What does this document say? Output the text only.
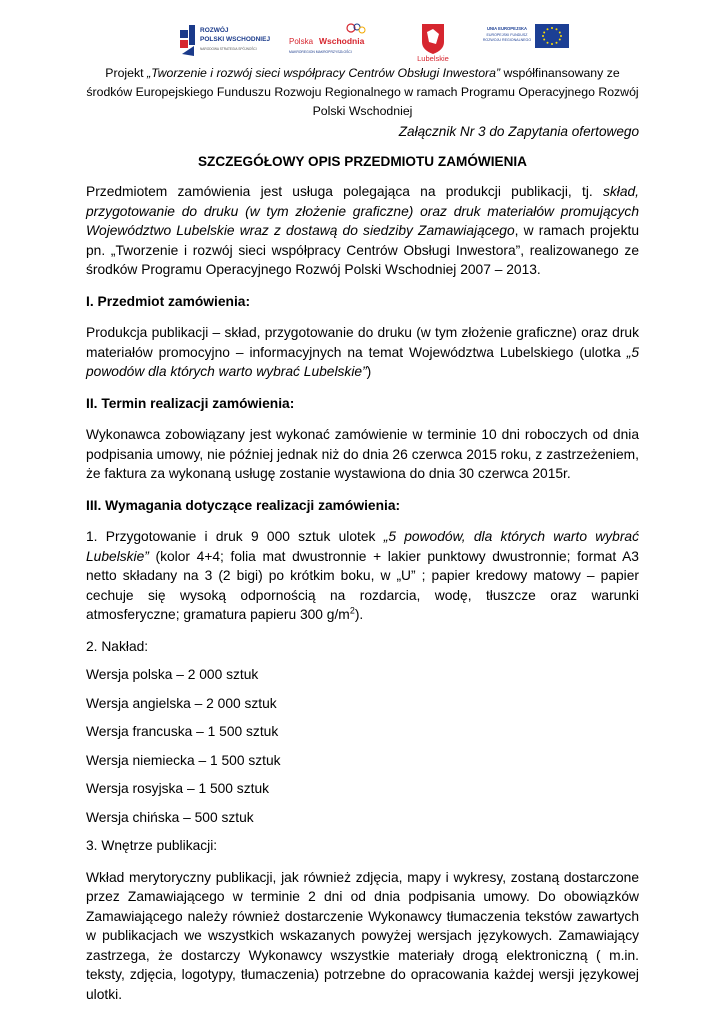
ROZWÓJ
POLSKI WSCHODNIEJ
NARODOWA STRATEGIA SPÓJNOŚCI
Polska Wschodnia
MAKROREGION MAKROPRZYSZŁOŚCI
Lubelskie
UNIA EUROPEJSKA
EUROPEJSKI FUNDUSZ
ROZWOJU REGIONALNEGO
Projekt „Tworzenie i rozwój sieci współpracy Centrów Obsługi Inwestora” współfinansowany ze środków Europejskiego Funduszu Rozwoju Regionalnego w ramach Programu Operacyjnego Rozwój Polski Wschodniej
Załącznik Nr 3 do Zapytania ofertowego
SZCZEGÓŁOWY OPIS PRZEDMIOTU ZAMÓWIENIA

Przedmiotem zamówienia jest usługa polegająca na produkcji publikacji, tj. skład, przygotowanie do druku (w tym złożenie graficzne) oraz druk materiałów promujących Województwo Lubelskie wraz z dostawą do siedziby Zamawiającego, w ramach projektu pn. „Tworzenie i rozwój sieci współpracy Centrów Obsługi Inwestora”, realizowanego ze środków Programu Operacyjnego Rozwój Polski Wschodniej 2007 – 2013.

I. Przedmiot zamówienia:

Produkcja publikacji – skład, przygotowanie do druku (w tym złożenie graficzne) oraz druk materiałów promocyjno – informacyjnych na temat Województwa Lubelskiego (ulotka „5 powodów dla których warto wybrać Lubelskie”)

II. Termin realizacji zamówienia:

Wykonawca zobowiązany jest wykonać zamówienie w terminie 10 dni roboczych od dnia podpisania umowy, nie później jednak niż do dnia 26 czerwca 2015 roku, z zastrzeżeniem, że faktura za wykonaną usługę zostanie wystawiona do dnia 30 czerwca 2015r.

III. Wymagania dotyczące realizacji zamówienia:

1. Przygotowanie i druk 9 000 sztuk ulotek „5 powodów, dla których warto wybrać Lubelskie” (kolor 4+4; folia mat dwustronnie + lakier punktowy dwustronnie; format A3 netto składany na 3 (2 bigi) po krótkim boku, w „U” ; papier kredowy matowy – papier cechuje się wysoką odpornością na rozdarcia, wodę, tłuszcze oraz warunki atmosferyczne; gramatura papieru 300 $g/m^2$).

2. Nakład:

Wersja polska – 2 000 sztuk

Wersja angielska – 2 000 sztuk

Wersja francuska – 1 500 sztuk

Wersja niemiecka – 1 500 sztuk

Wersja rosyjska – 1 500 sztuk

Wersja chińska – 500 sztuk

3. Wnętrze publikacji:

Wkład merytoryczny publikacji, jak również zdjęcia, mapy i wykresy, zostaną dostarczone przez Zamawiającego w terminie 2 dni od dnia podpisania umowy. Do obowiązków Zamawiającego należy również dostarczenie Wykonawcy tłumaczenia tekstów zawartych w publikacjach we wszystkich wskazanych powyżej wersjach językowych. Zamawiający zastrzega, że dostarczy Wykonawcy wszystkie materiały drogą elektroniczną ( m.in. teksty, zdjęcia, logotypy, tłumaczenia) potrzebne do opracowania każdej wersji językowej ulotki.
